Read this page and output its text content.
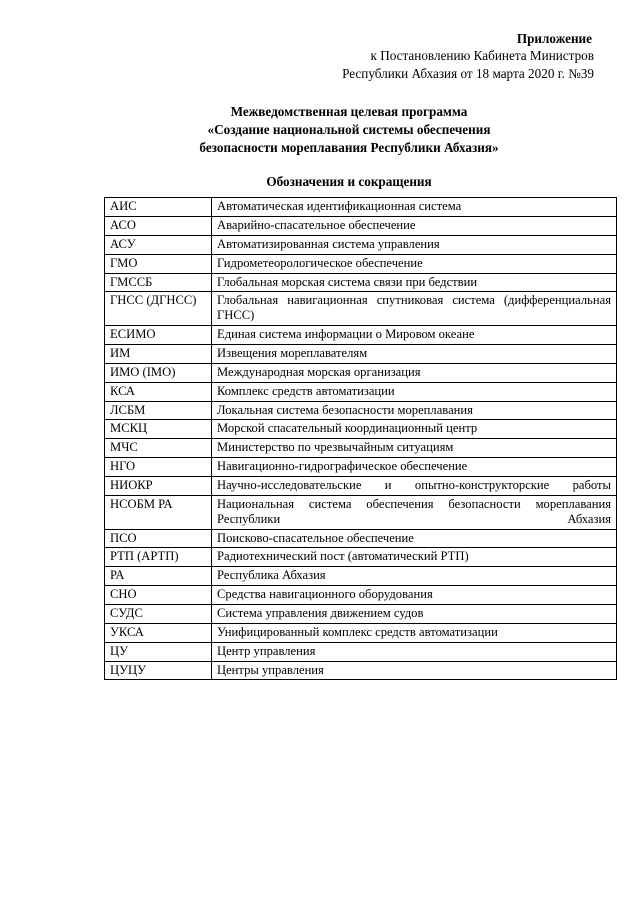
Приложение
к Постановлению Кабинета Министров
Республики Абхазия от 18 марта 2020 г. №39
Межведомственная целевая программа
«Создание национальной системы обеспечения
безопасности мореплавания Республики Абхазия»
Обозначения и сокращения
АИС	Автоматическая идентификационная система
АСО	Аварийно-спасательное обеспечение
АСУ	Автоматизированная система управления
ГМО	Гидрометеорологическое обеспечение
ГМССБ	Глобальная морская система связи при бедствии
ГНСС (ДГНСС)	Глобальная навигационная спутниковая система (дифференциальная ГНСС)
ЕСИМО	Единая система информации о Мировом океане
ИМ	Извещения мореплавателям
ИМО (IMO)	Международная морская организация
КСА	Комплекс средств автоматизации
ЛСБМ	Локальная система безопасности мореплавания
МСКЦ	Морской спасательный координационный центр
МЧС	Министерство по чрезвычайным ситуациям
НГО	Навигационно-гидрографическое обеспечение
НИОКР	Научно-исследовательские и опытно-конструкторские работы
НСОБМ РА	Национальная система обеспечения безопасности мореплавания Республики Абхазия
ПСО	Поисково-спасательное обеспечение
РТП (АРТП)	Радиотехнический пост (автоматический РТП)
РА	Республика Абхазия
СНО	Средства навигационного оборудования
СУДС	Система управления движением судов
УКСА	Унифицированный комплекс средств автоматизации
ЦУ	Центр управления
ЦУЦУ	Центры управления
